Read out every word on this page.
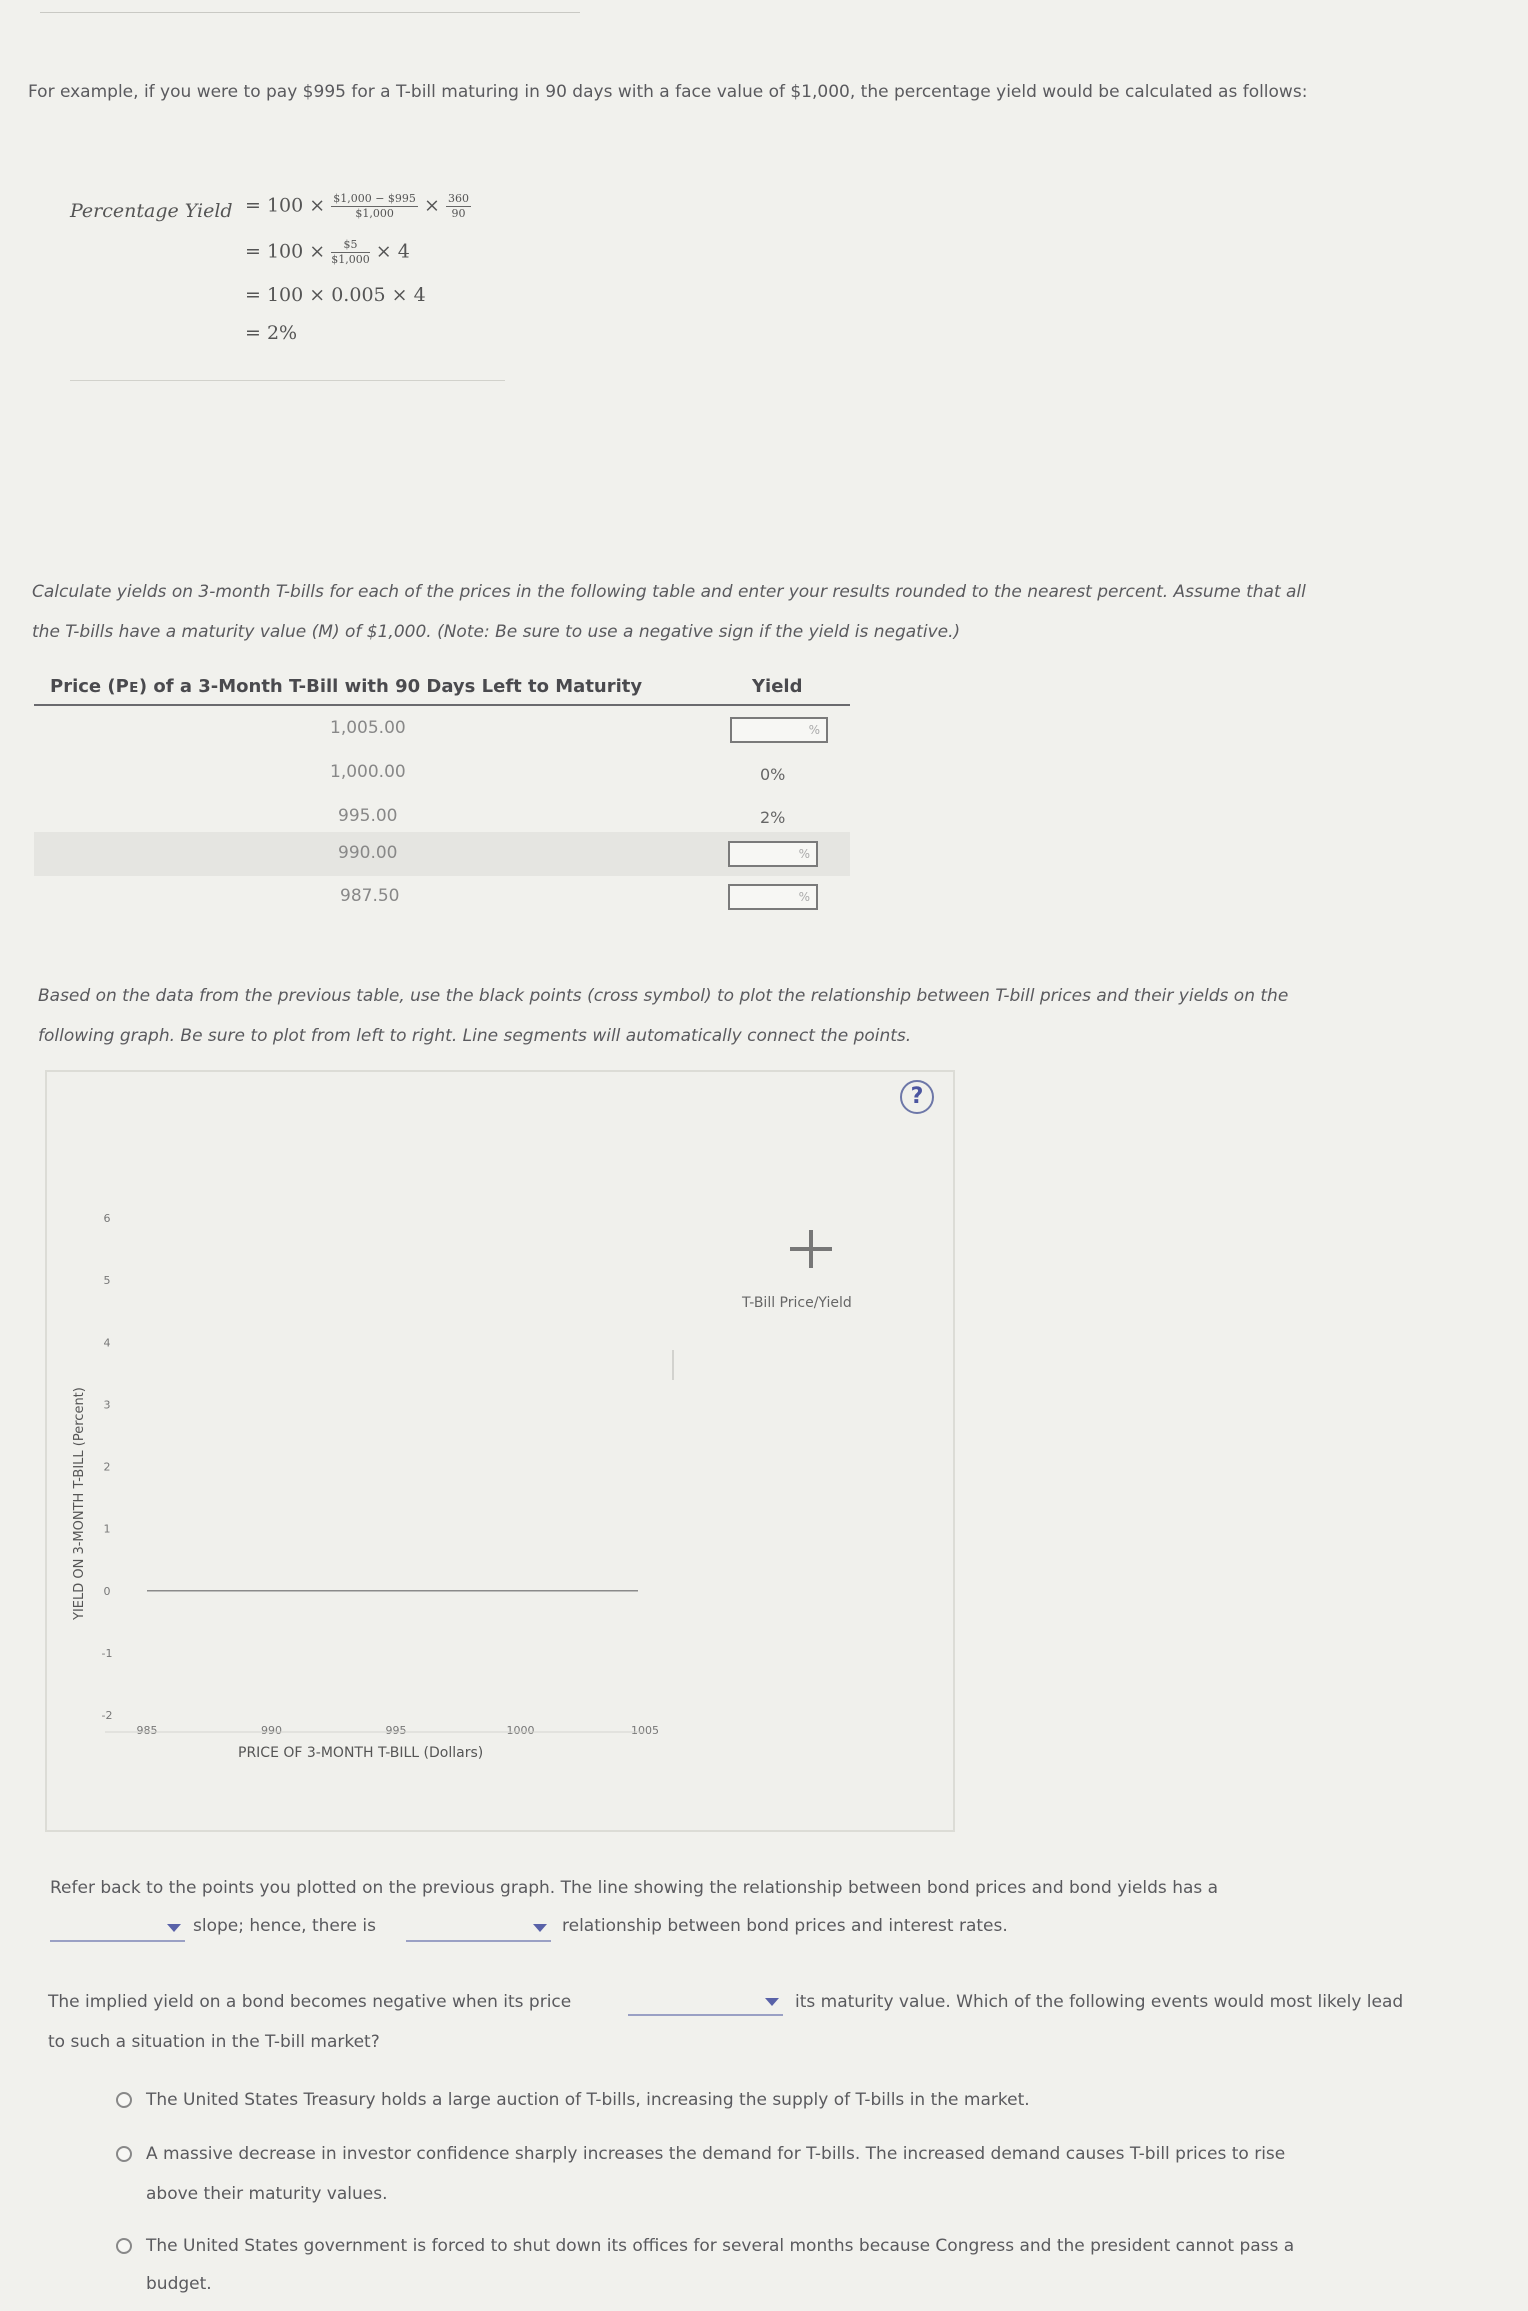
For example, if you were to pay $995 for a T-bill maturing in 90 days with a face value of $1,000, the percentage yield would be calculated as follows:
Percentage Yield = $100 \times \frac{\$1,000 - \$995}{\$1,000} \times \frac{360}{90}$
= $100 \times \frac{\$5}{\$1,000} \times 4$
= 100 × 0.005 × 4
= 2%
Calculate yields on 3-month T-bills for each of the prices in the following table and enter your results rounded to the nearest percent. Assume that all
the T-bills have a maturity value (M) of $1,000. (Note: Be sure to use a negative sign if the yield is negative.)
Price (Pᴇ) of a 3-Month T-Bill with 90 Days Left to Maturity	Yield
1,005.00	%
1,000.00	0%
995.00	2%
990.00	%
987.50	%
Based on the data from the previous table, use the black points (cross symbol) to plot the relationship between T-bill prices and their yields on the
following graph. Be sure to plot from left to right. Line segments will automatically connect the points.
?
6
5
4
3
2
1
0
-1
-2
985	990	995	1000	1005
T-Bill Price/Yield
YIELD ON 3-MONTH T-BILL (Percent)
PRICE OF 3-MONTH T-BILL (Dollars)
Refer back to the points you plotted on the previous graph. The line showing the relationship between bond prices and bond yields has a
slope; hence, there is	relationship between bond prices and interest rates.
The implied yield on a bond becomes negative when its price	its maturity value. Which of the following events would most likely lead
to such a situation in the T-bill market?
The United States Treasury holds a large auction of T-bills, increasing the supply of T-bills in the market.
A massive decrease in investor confidence sharply increases the demand for T-bills. The increased demand causes T-bill prices to rise
above their maturity values.
The United States government is forced to shut down its offices for several months because Congress and the president cannot pass a
budget.
